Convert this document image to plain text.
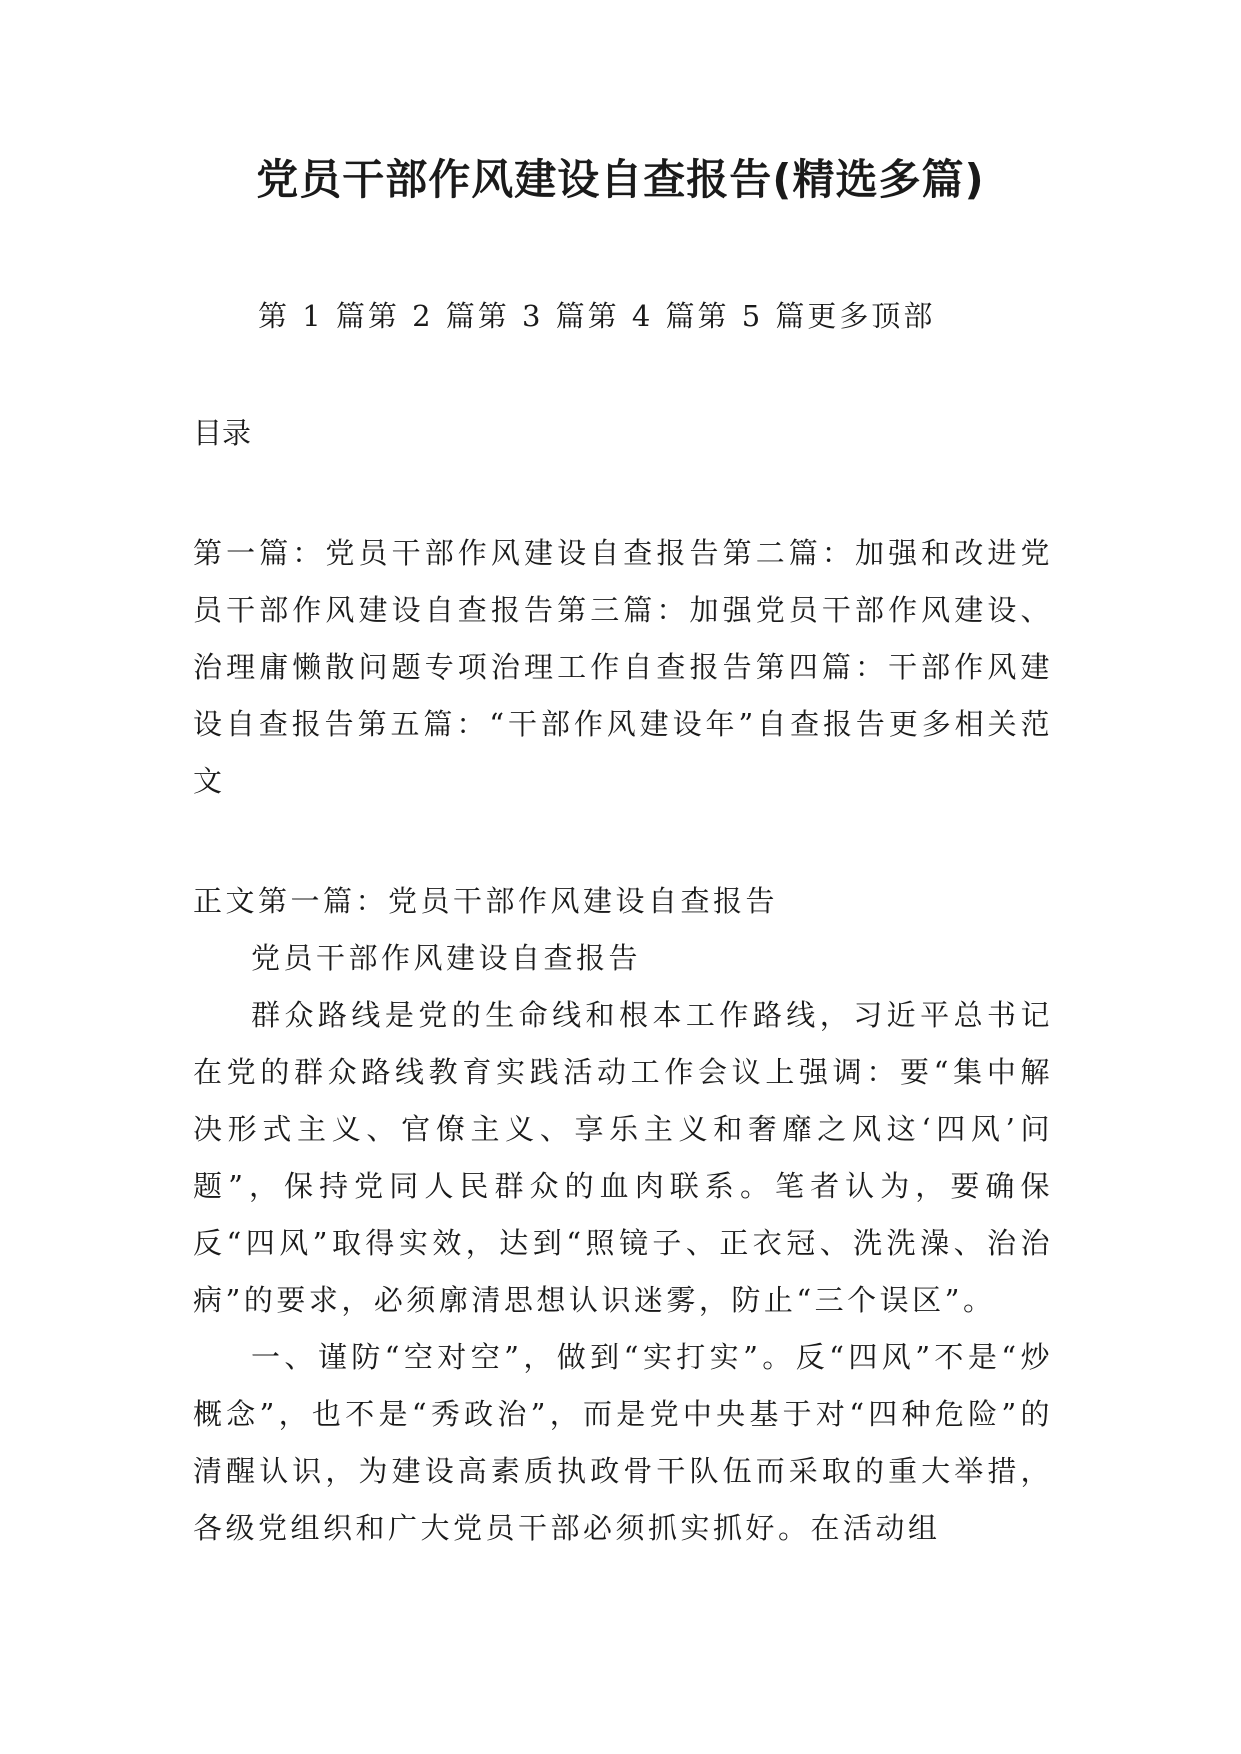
党员干部作风建设自查报告(精选多篇)
第 1 篇第 2 篇第 3 篇第 4 篇第 5 篇更多顶部
目录

第一篇：党员干部作风建设自查报告第二篇：加强和改进党员干部作风建设自查报告第三篇：加强党员干部作风建设、治理庸懒散问题专项治理工作自查报告第四篇：干部作风建设自查报告第五篇：“干部作风建设年”自查报告更多相关范文

正文第一篇：党员干部作风建设自查报告

党员干部作风建设自查报告

群众路线是党的生命线和根本工作路线，习近平总书记在党的群众路线教育实践活动工作会议上强调：要“集中解决形式主义、官僚主义、享乐主义和奢靡之风这‘四风’问题”，保持党同人民群众的血肉联系。笔者认为，要确保反“四风”取得实效，达到“照镜子、正衣冠、洗洗澡、治治病”的要求，必须廓清思想认识迷雾，防止“三个误区”。

一、谨防“空对空”，做到“实打实”。反“四风”不是“炒概念”，也不是“秀政治”，而是党中央基于对“四种危险”的清醒认识，为建设高素质执政骨干队伍而采取的重大举措，各级党组织和广大党员干部必须抓实抓好。在活动组
